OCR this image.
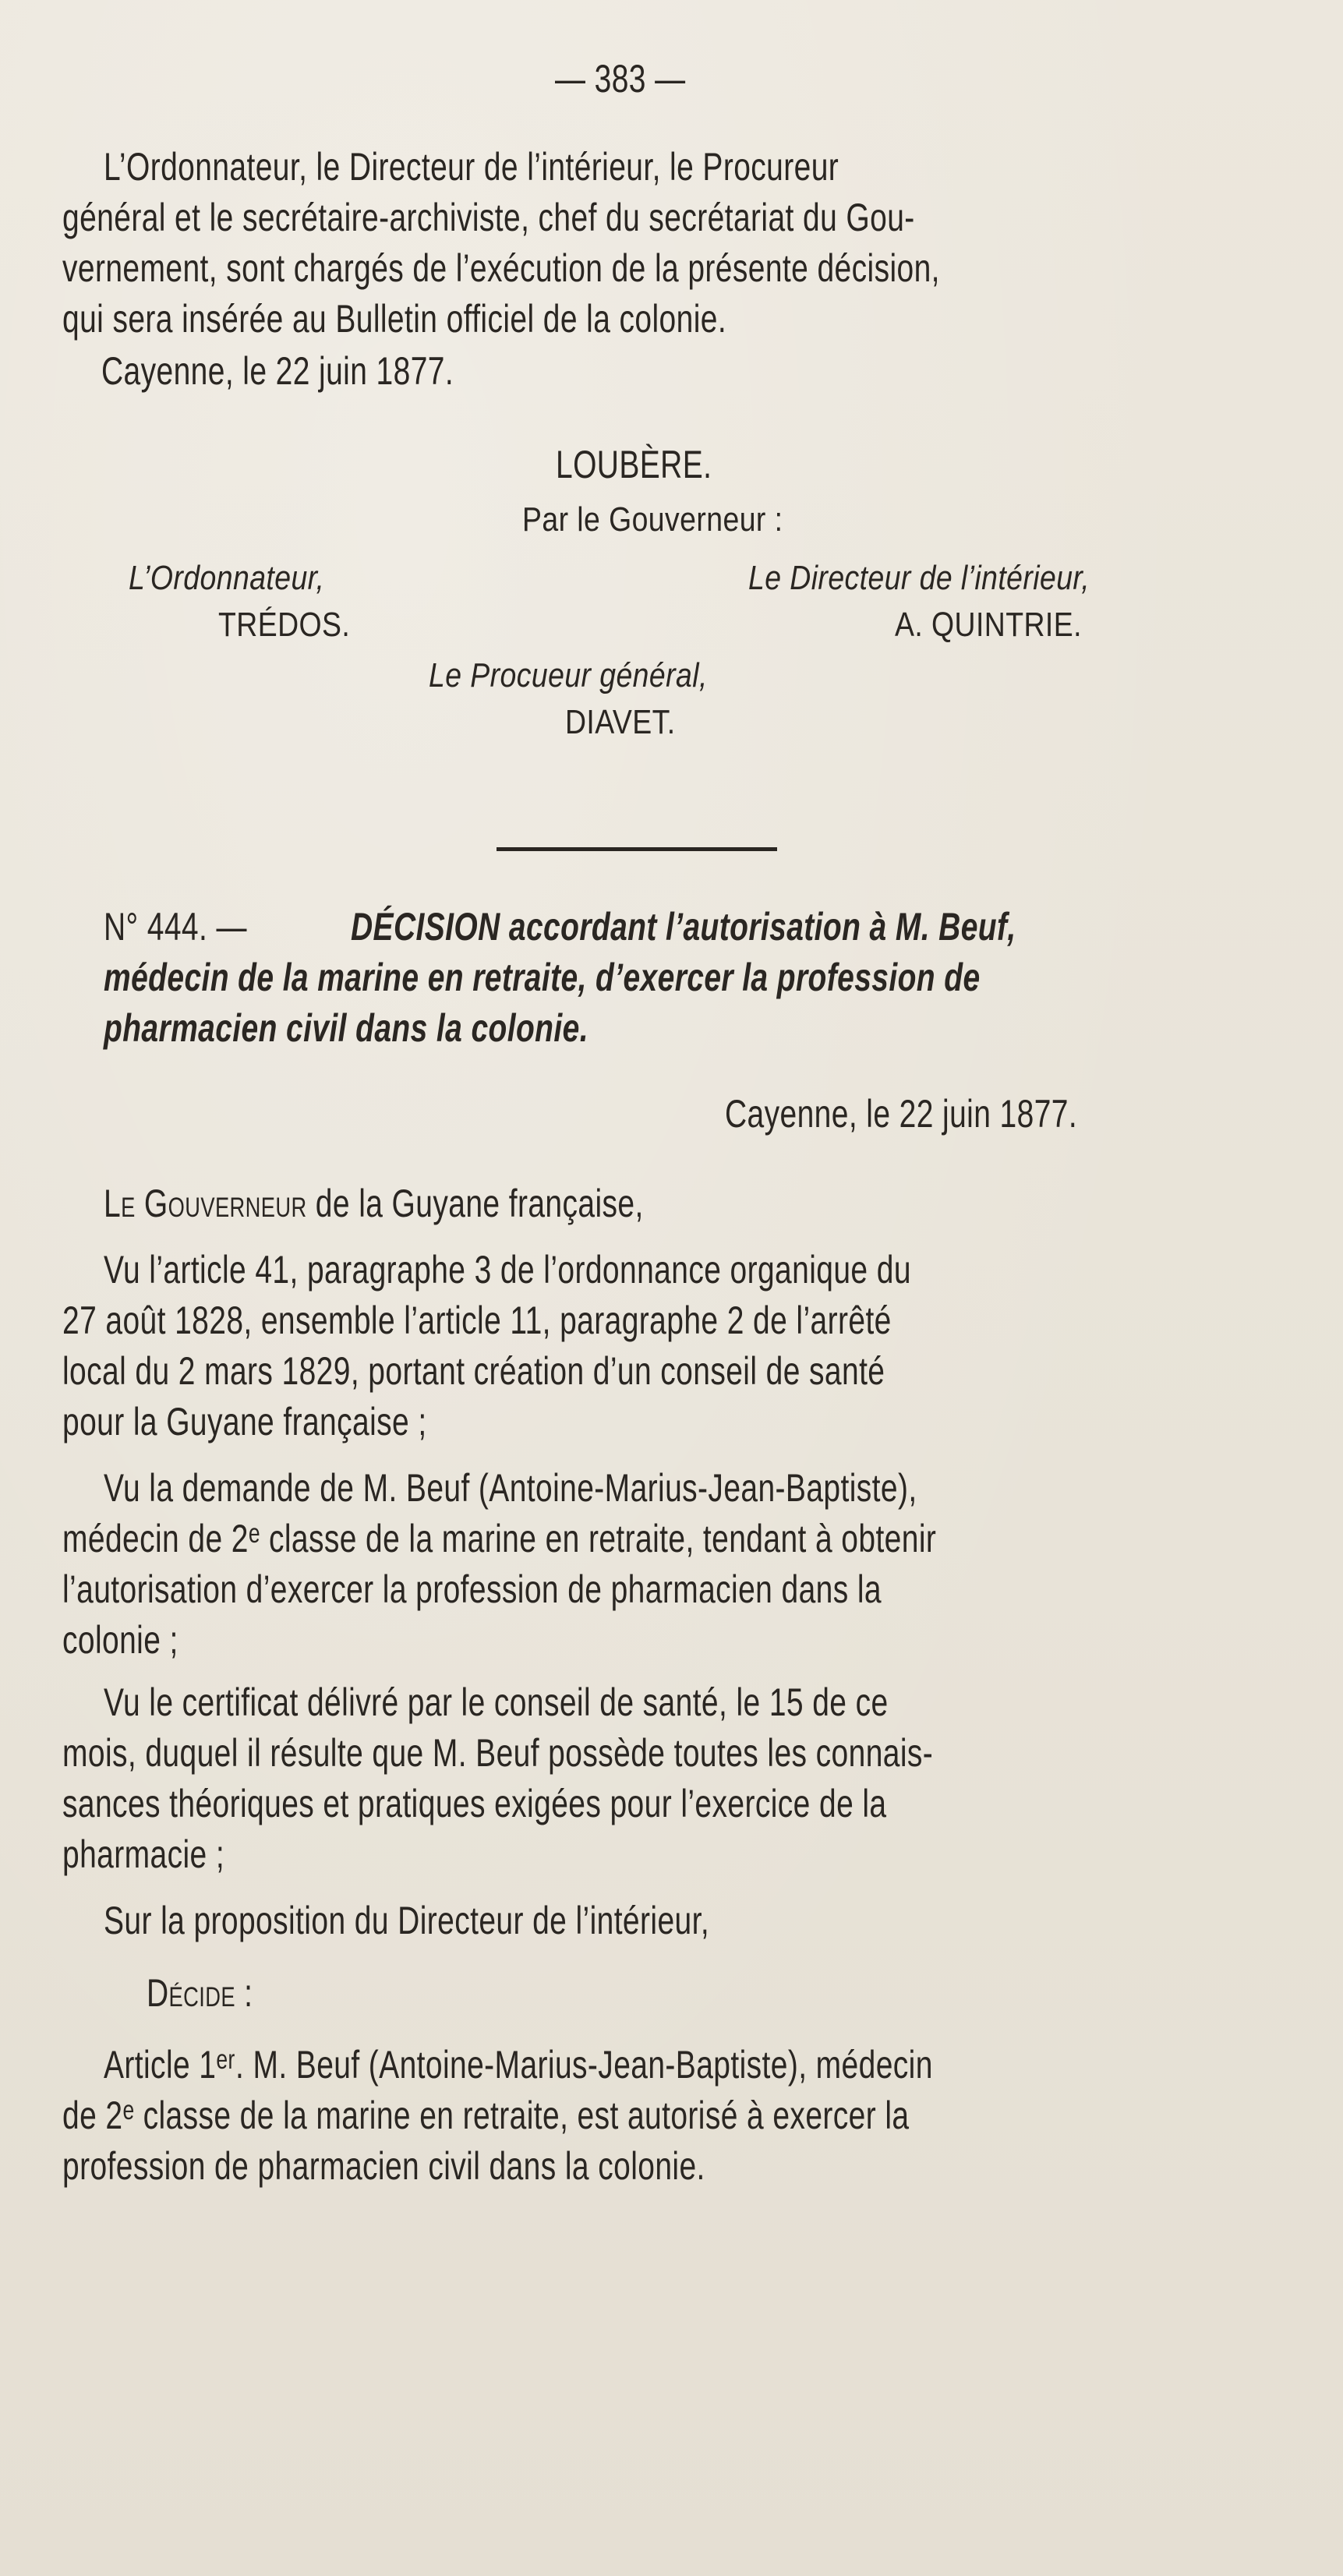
— 383 —
L’Ordonnateur, le Directeur de l’intérieur, le Procureur
général et le secrétaire-archiviste, chef du secrétariat du Gou-
vernement, sont chargés de l’exécution de la présente décision,
qui sera insérée au Bulletin officiel de la colonie.
Cayenne, le 22 juin 1877.
LOUBÈRE.
Par le Gouverneur :
L’Ordonnateur,
TRÉDOS.
Le Directeur de l’intérieur,
A. QUINTRIE.
Le Procueur général,
DIAVET.
N° 444. —	DÉCISION accordant l’autorisation à M. Beuf,
médecin de la marine en retraite, d’exercer la profession de
pharmacien civil dans la colonie.
Cayenne, le 22 juin 1877.
Le Gouverneur de la Guyane française,
Vu l’article 41, paragraphe 3 de l’ordonnance organique du
27 août 1828, ensemble l’article 11, paragraphe 2 de l’arrêté
local du 2 mars 1829, portant création d’un conseil de santé
pour la Guyane française ;
Vu la demande de M. Beuf (Antoine-Marius-Jean-Baptiste),
médecin de 2ᵉ classe de la marine en retraite, tendant à obtenir
l’autorisation d’exercer la profession de pharmacien dans la
colonie ;
Vu le certificat délivré par le conseil de santé, le 15 de ce
mois, duquel il résulte que M. Beuf possède toutes les connais-
sances théoriques et pratiques exigées pour l’exercice de la
pharmacie ;
Sur la proposition du Directeur de l’intérieur,
Décide :
Article 1ᵉʳ. M. Beuf (Antoine-Marius-Jean-Baptiste), médecin
de 2ᵉ classe de la marine en retraite, est autorisé à exercer la
profession de pharmacien civil dans la colonie.
